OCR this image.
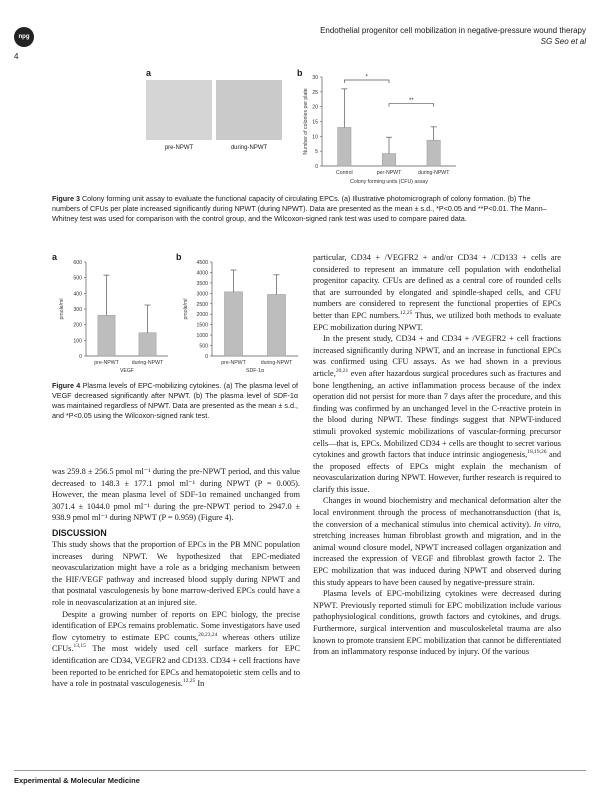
npg
Endothelial progenitor cell mobilization in negative-pressure wound therapy
SG Seo et al
4
a
pre-NPWT	during-NPWT
b
0
5
10
15
20
25
30
Control	per-NPWT	during-NPWT
Number of colonies per plate
Colony forming units (CFU) assay
*
**
Figure 3 Colony forming unit assay to evaluate the functional capacity of circulating EPCs. (a) Illustrative photomicrograph of colony formation. (b) The numbers of CFUs per plate increased significantly during NPWT (during NPWT). Data are presented as the mean ± s.d., *P<0.05 and **P<0.01. The Mann–Whitney test was used for comparison with the control group, and the Wilcoxon-signed rank test was used to compare paired data.
a
0
100
200
300
400
500
600
pre-NPWT	during-NPWT
pmole/ml
VEGF
b
0
500
1000
1500
2000
2500
3000
3500
4000
4500
pre-NPWT	during-NPWT
pmole/ml
SDF-1α
Figure 4 Plasma levels of EPC-mobilizing cytokines. (a) The plasma level of VEGF decreased significantly after NPWT. (b) The plasma level of SDF-1α was maintained regardless of NPWT. Data are presented as the mean ± s.d., and *P<0.05 using the Wilcoxon-signed rank test.

was 259.8 ± 256.5 pmol ml⁻¹ during the pre-NPWT period, and this value decreased to 148.3 ± 177.1 pmol ml⁻¹ during NPWT (P = 0.005). However, the mean plasma level of SDF-1α remained unchanged from 3071.4 ± 1044.0 pmol ml⁻¹ during the pre-NPWT period to 2947.0 ± 938.9 pmol ml⁻¹ during NPWT (P = 0.959) (Figure 4).

DISCUSSION

This study shows that the proportion of EPCs in the PB MNC population increases during NPWT. We hypothesized that EPC-mediated neovascularization might have a role as a bridging mechanism between the HIF/VEGF pathway and increased blood supply during NPWT and that postnatal vasculogenesis by bone marrow-derived EPCs could have a role in neovascularization at an injured site.

Despite a growing number of reports on EPC biology, the precise identification of EPCs remains problematic. Some investigators have used flow cytometry to estimate EPC counts,$^{20,23,24}$ whereas others utilize CFUs.$^{13,15}$ The most widely used cell surface markers for EPC identification are CD34, VEGFR2 and CD133. CD34 + cell fractions have been reported to be enriched for EPCs and hematopoietic stem cells and to have a role in postnatal vasculogenesis.$^{12,25}$ In

particular, CD34 + /VEGFR2 + and/or CD34 + /CD133 + cells are considered to represent an immature cell population with endothelial progenitor capacity. CFUs are defined as a central core of rounded cells that are surrounded by elongated and spindle-shaped cells, and CFU numbers are considered to represent the functional properties of EPCs better than EPC numbers.$^{12,25}$ Thus, we utilized both methods to evaluate EPC mobilization during NPWT.

In the present study, CD34 + and CD34 + /VEGFR2 + cell fractions increased significantly during NPWT, and an increase in functional EPCs was confirmed using CFU assays. As we had shown in a previous article,$^{20,21}$ even after hazardous surgical procedures such as fractures and bone lengthening, an active inflammation process because of the index operation did not persist for more than 7 days after the procedure, and this finding was confirmed by an unchanged level in the C-reactive protein in the blood during NPWT. These findings suggest that NPWT-induced stimuli provoked systemic mobilizations of vascular-forming precursor cells—that is, EPCs. Mobilized CD34 + cells are thought to secret various cytokines and growth factors that induce intrinsic angiogenesis,$^{18,19,26}$ and the proposed effects of EPCs might explain the mechanism of neovascularization during NPWT. However, further research is required to clarify this issue.

Changes in wound biochemistry and mechanical deformation alter the local environment through the process of mechanotransduction (that is, the conversion of a mechanical stimulus into chemical activity). In vitro, stretching increases human fibroblast growth and migration, and in the animal wound closure model, NPWT increased collagen organization and increased the expression of VEGF and fibroblast growth factor 2. The EPC mobilization that was induced during NPWT and observed during this study appears to have been caused by negative-pressure strain.

Plasma levels of EPC-mobilizing cytokines were decreased during NPWT. Previously reported stimuli for EPC mobilization include various pathophysiological conditions, growth factors and cytokines, and drugs. Furthermore, surgical intervention and musculoskeletal trauma are also known to promote transient EPC mobilization that cannot be differentiated from an inflammatory response induced by injury. Of the various

Experimental & Molecular Medicine
